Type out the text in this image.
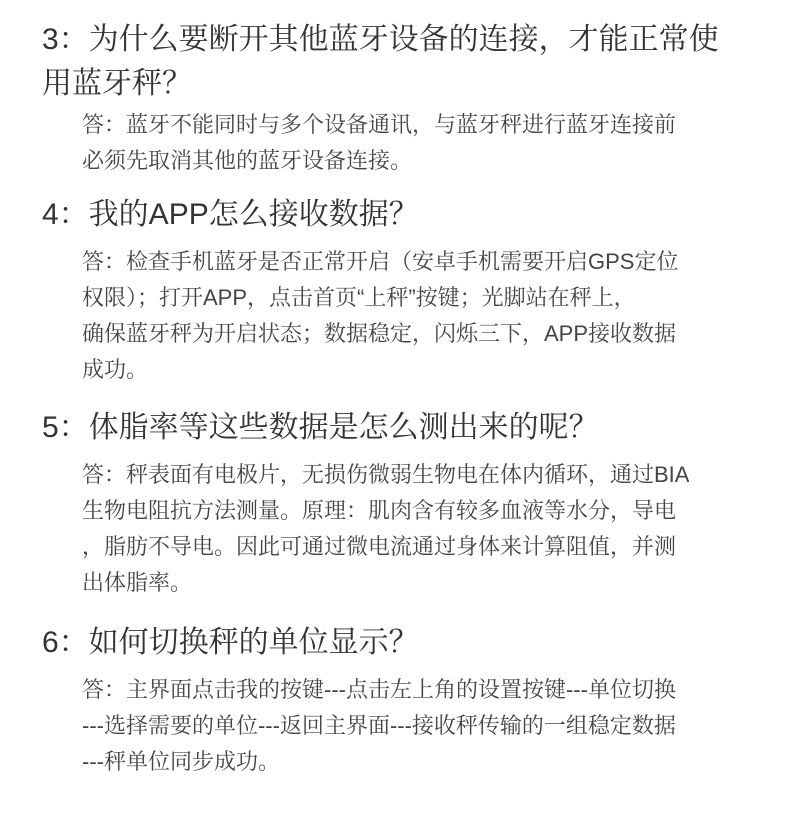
3：为什么要断开其他蓝牙设备的连接，才能正常使
用蓝牙秤？
答：蓝牙不能同时与多个设备通讯，与蓝牙秤进行蓝牙连接前
必须先取消其他的蓝牙设备连接。
4：我的APP怎么接收数据？
答：检查手机蓝牙是否正常开启（安卓手机需要开启GPS定位
权限）；打开APP，点击首页“上秤”按键；光脚站在秤上，
确保蓝牙秤为开启状态；数据稳定，闪烁三下，APP接收数据
成功。
5：体脂率等这些数据是怎么测出来的呢？
答：秤表面有电极片，无损伤微弱生物电在体内循环，通过BIA
生物电阻抗方法测量。原理：肌肉含有较多血液等水分，导电
，脂肪不导电。因此可通过微电流通过身体来计算阻值，并测
出体脂率。
6：如何切换秤的单位显示？
答：主界面点击我的按键---点击左上角的设置按键---单位切换
---选择需要的单位---返回主界面---接收秤传输的一组稳定数据
---秤单位同步成功。
